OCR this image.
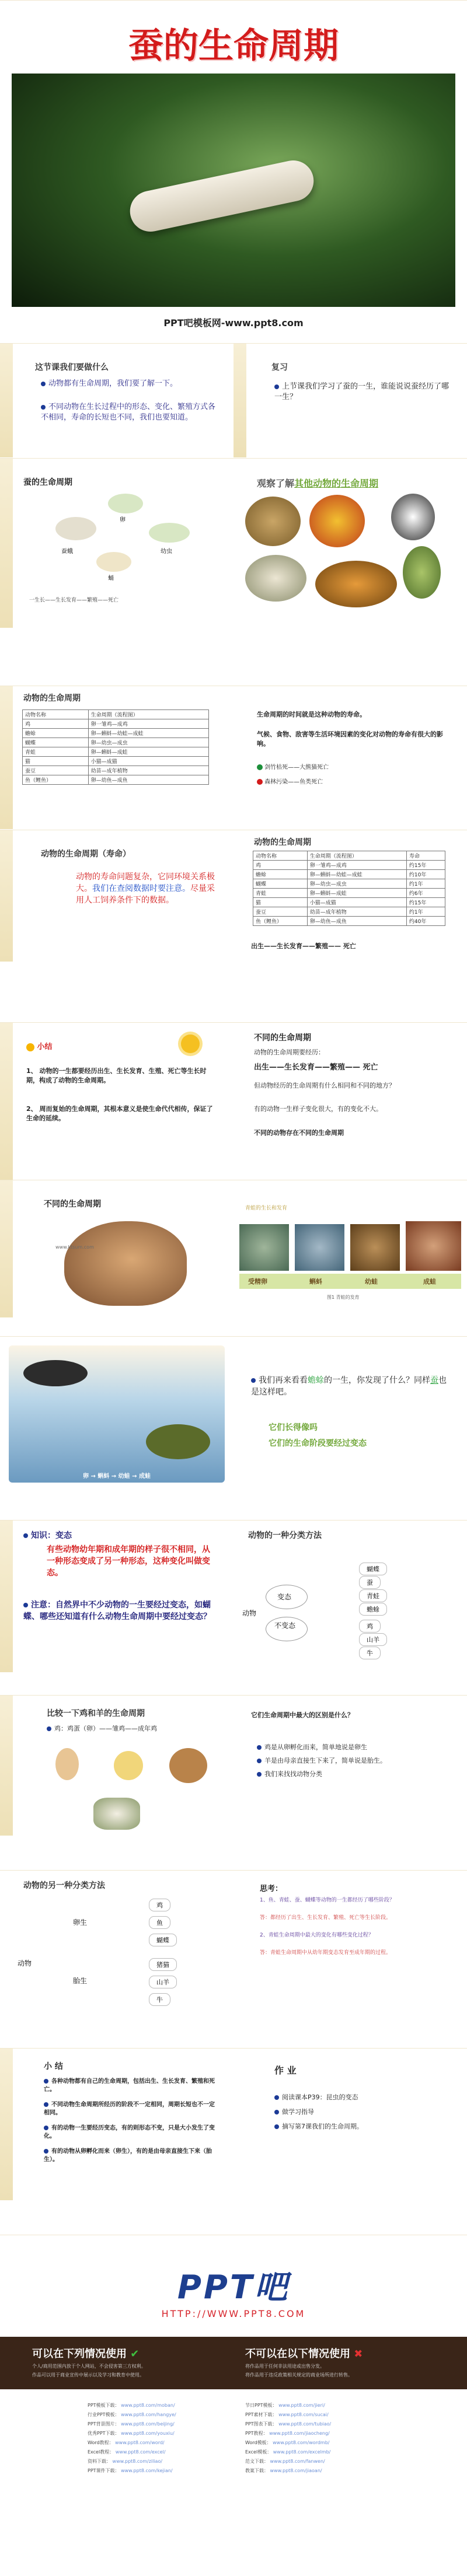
蚕的生命周期
PPT吧模板网-www.ppt8.com
这节课我们要做什么
动物都有生命周期，我们要了解一下。
不同动物在生长过程中的形态、变化、繁殖方式各不相同，寿命的长短也不同，我们也要知道。
复习
上节课我们学习了蚕的一生，谁能说说蚕经历了哪一生？
蚕的生命周期
卵
蚕蛾	幼虫
蛹
一生长——生长发育——繁殖——死亡
观察了解其他动物的生命周期
动物的生命周期
动物名称	生命周期（流程图）
鸡	卵一雏鸡—成鸡
蟾蜍	卵—蝌蚪—幼蛙—成蛙
蝴蝶	卵—幼虫—成虫
青蛙	卵—蝌蚪—成蛙
猫	小猫—成猫
蚕豆	幼苗—成年植物
鱼（鲤鱼）	卵—幼鱼—成鱼
生命周期的时间就是这种动物的寿命。
气候、食物、敌害等生活环境因素的变化对动物的寿命有很大的影响。
剑竹枯死——大熊猫死亡
森林污染——鱼类死亡
动物的生命周期（寿命）
动物的寿命问题复杂，它同环境关系极大。我们在查阅数据时要注意。尽量采用人工饲养条件下的数据。
动物的生命周期
动物名称	生命周期（流程图）	寿命
鸡	卵一雏鸡—成鸡	约15年
蟾蜍	卵—蝌蚪—幼蛙—成蛙	约10年
蝴蝶	卵—幼虫—成虫	约1年
青蛙	卵—蝌蚪—成蛙	约6年
猫	小猫—成猫	约15年
蚕豆	幼苗—成年植物	约1年
鱼（鲤鱼）	卵—幼鱼—成鱼	约40年
出生——生长发育——繁殖—— 死亡
小结
1、 动物的一生都要经历出生、生长发育、生殖、死亡等生长时期，构成了动物的生命周期。
2、 周而复始的生命周期，其根本意义是使生命代代相传，保证了生命的延续。
不同的生命周期
动物的生命周期要经历：
出生——生长发育——繁殖—— 死亡
但动物经历的生命周期有什么相同和不同的地方？
有的动物一生样子变化很大，有的变化不大。
不同的动物存在不同的生命周期
不同的生命周期
www.ktsum.com
青蛙的生长和发育
受精卵	蝌蚪	幼蛙	成蛙
图1 青蛙的发育
卵 → 蝌蚪 → 幼蛙 → 成蛙
我们再来看看蟾蜍的一生，你发现了什么？同样蚕也是这样吧。
它们长得像吗
它们的生命阶段要经过变态
知识：变态
有些动物幼年期和成年期的样子很不相同，从一种形态变成了另一种形态，这种变化叫做变态。
注意：自然界中不少动物的一生要经过变态，如蝴蝶、哪些还知道有什么动物生命周期中要经过变态？
动物的一种分类方法
动物
变态
不变态
蝴蝶
蚕
青蛙
蟾蜍
鸡
山羊
牛
比较一下鸡和羊的生命周期
鸡：鸡蛋（卵）——雏鸡——成年鸡
它们生命周期中最大的区别是什么？
鸡是从卵孵化而来，简单地说是卵生
羊是由母亲直接生下来了，简单说是胎生。
我们来找找动物分类
动物的另一种分类方法
动物
卵生
胎生
鸡
鱼
蝴蝶
猪猫
山羊
牛
思考：
1、鱼、青蛙、蚕、蝴蝶等动物的一生都经历了哪些阶段？
答：都经历了出生、生长发育、繁殖、死亡等生长阶段。
2、青蛙生命周期中最大的变化有哪些变化过程？
答：青蛙生命周期中从幼年期变态发育至成年期的过程。
小 结
各种动物都有自己的生命周期，包括出生、生长发育、繁殖和死亡。
不同动物生命周期所经历的阶段不一定相同，周期长短也不一定相同。
有的动物一生要经历变态，有的则形态不变，只是大小发生了变化。
有的动物从卵孵化而来（卵生），有的是由母亲直接生下来（胎生）。
作 业
阅读课本P39：昆虫的变态
做学习指导
摘写第7课我们的生命周期。
PPT吧
HTTP://WWW.PPT8.COM
可以在下列情况使用 ✔
个人/商用范围内放于个人网站，不会侵害第三方权利。
作品可以用于商业宣传中展示以及学习和教育中使用。
不可以在以下情况使用 ✖
将作品用于任何非法用途或出售分发。
将作品用于违反政策相关规定的商业场所进行转售。
PPT模板下载： www.ppt8.com/moban/
行业PPT模板： www.ppt8.com/hangye/
PPT背景图片： www.ppt8.com/beijing/
优秀PPT下载： www.ppt8.com/youxiu/
Word教程： www.ppt8.com/word/
Excel教程： www.ppt8.com/excel/
资料下载： www.ppt8.com/ziliao/
PPT课件下载： www.ppt8.com/kejian/
节日PPT模板： www.ppt8.com/jieri/
PPT素材下载： www.ppt8.com/sucai/
PPT图表下载： www.ppt8.com/tubiao/
PPT教程： www.ppt8.com/jiaocheng/
Word模板： www.ppt8.com/wordmb/
Excel模板： www.ppt8.com/excelmb/
范文下载： www.ppt8.com/fanwen/
教案下载： www.ppt8.com/jiaoan/
